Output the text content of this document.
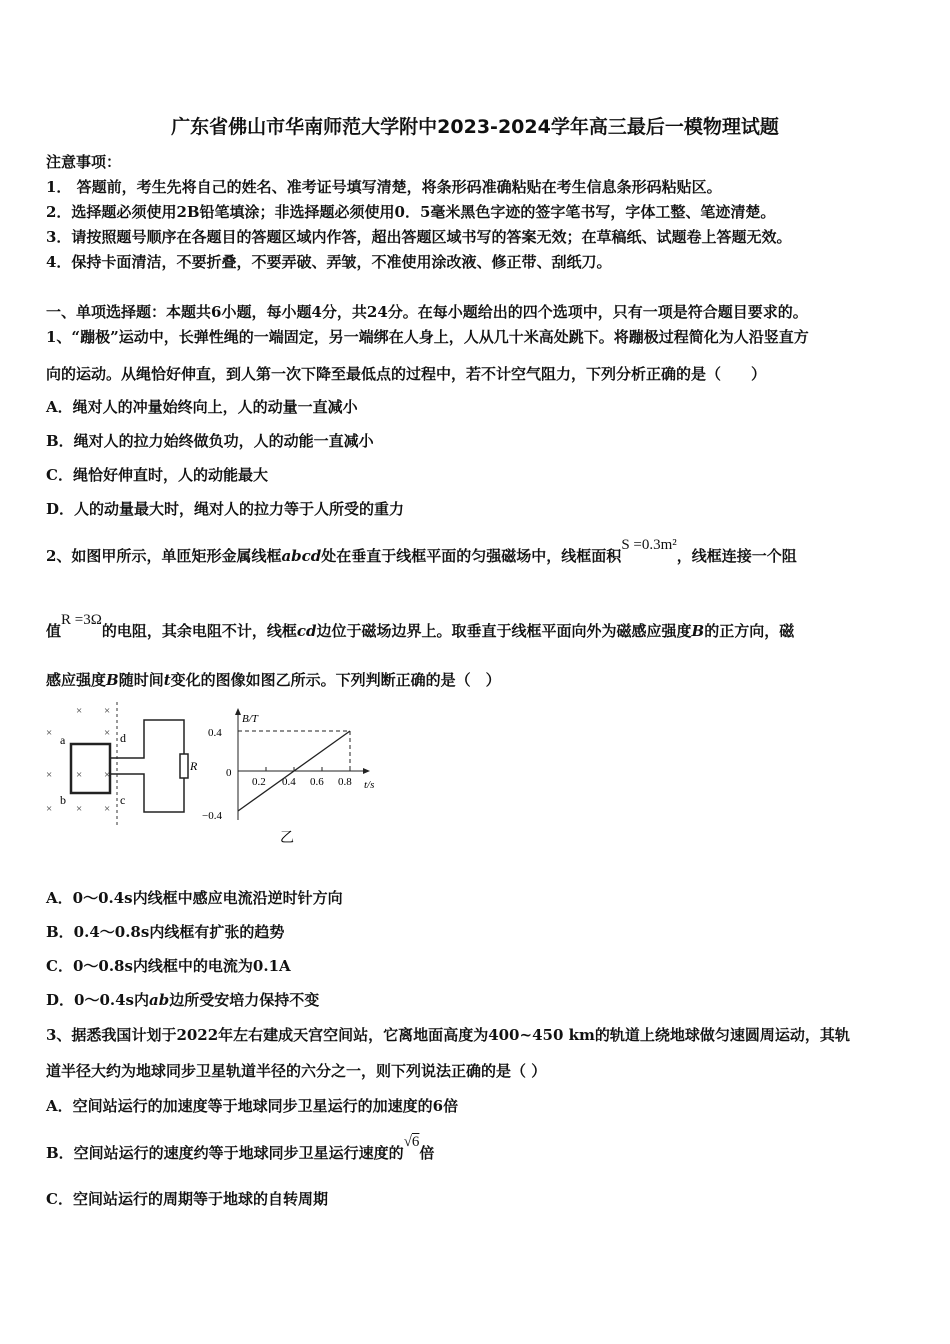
广东省佛山市华南师范大学附中2023-2024学年高三最后一模物理试题
注意事项：
1． 答题前，考生先将自己的姓名、准考证号填写清楚，将条形码准确粘贴在考生信息条形码粘贴区。
2．选择题必须使用2B铅笔填涂；非选择题必须使用0．5毫米黑色字迹的签字笔书写，字体工整、笔迹清楚。
3．请按照题号顺序在各题目的答题区域内作答，超出答题区域书写的答案无效；在草稿纸、试题卷上答题无效。
4．保持卡面清洁，不要折叠，不要弄破、弄皱，不准使用涂改液、修正带、刮纸刀。
一、单项选择题：本题共6小题，每小题4分，共24分。在每小题给出的四个选项中，只有一项是符合题目要求的。
1、“蹦极”运动中，长弹性绳的一端固定，另一端绑在人身上，人从几十米高处跳下。将蹦极过程简化为人沿竖直方
向的运动。从绳恰好伸直，到人第一次下降至最低点的过程中，若不计空气阻力，下列分析正确的是（　　）
A．绳对人的冲量始终向上，人的动量一直减小
B．绳对人的拉力始终做负功，人的动能一直减小
C．绳恰好伸直时，人的动能最大
D．人的动量最大时，绳对人的拉力等于人所受的重力
2、如图甲所示，单匝矩形金属线框abcd处在垂直于线框平面的匀强磁场中，线框面积S =0.3m²，线框连接一个阻
值R =3Ω的电阻，其余电阻不计，线框cd边位于磁场边界上。取垂直于线框平面向外为磁感应强度B的正方向，磁
感应强度B随时间t变化的图像如图乙所示。下列判断正确的是（　）
×
×
×
×
×
×
×
×
×
×
a
b	c
d
R
B/T
t/s
0
0.4
−0.4
0.2 0.4 0.6 0.8
乙
A．0～0.4s内线框中感应电流沿逆时针方向
B．0.4～0.8s内线框有扩张的趋势
C．0～0.8s内线框中的电流为0.1A
D．0～0.4s内ab边所受安培力保持不变
3、据悉我国计划于2022年左右建成天宫空间站，它离地面高度为400~450 km的轨道上绕地球做匀速圆周运动，其轨
道半径大约为地球同步卫星轨道半径的六分之一，则下列说法正确的是（ ）
A．空间站运行的加速度等于地球同步卫星运行的加速度的6倍
B．空间站运行的速度约等于地球同步卫星运行速度的√6倍
C．空间站运行的周期等于地球的自转周期
